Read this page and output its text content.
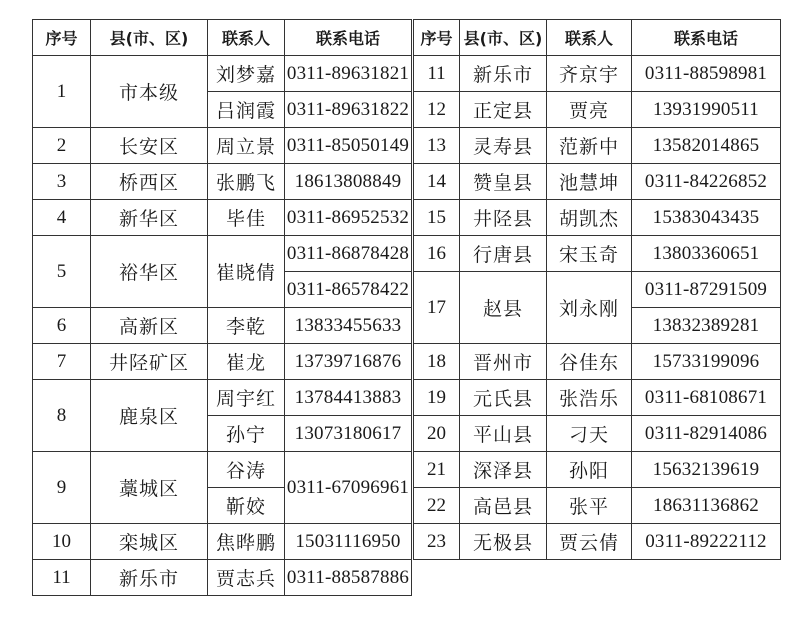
序号	县(市、区)	联系人	联系电话
1	市本级	刘梦嘉	0311-89631821
		吕润霞	0311-89631822
2	长安区	周立景	0311-85050149
3	桥西区	张鹏飞	18613808849
4	新华区	毕佳	0311-86952532
5	裕华区	崔晓倩	0311-86878428
			0311-86578422
6	高新区	李乾	13833455633
7	井陉矿区	崔龙	13739716876
8	鹿泉区	周宇红	13784413883
		孙宁	13073180617
9	藁城区	谷涛	0311-67096961
		靳姣	
10	栾城区	焦晔鹏	15031116950
11	新乐市	贾志兵	0311-88587886
序号	县(市、区)	联系人	联系电话
11	新乐市	齐京宇	0311-88598981
12	正定县	贾亮	13931990511
13	灵寿县	范新中	13582014865
14	赞皇县	池慧坤	0311-84226852
15	井陉县	胡凯杰	15383043435
16	行唐县	宋玉奇	13803360651
17	赵县	刘永刚	0311-87291509
			13832389281
18	晋州市	谷佳东	15733199096
19	元氏县	张浩乐	0311-68108671
20	平山县	刁天	0311-82914086
21	深泽县	孙阳	15632139619
22	高邑县	张平	18631136862
23	无极县	贾云倩	0311-89222112
